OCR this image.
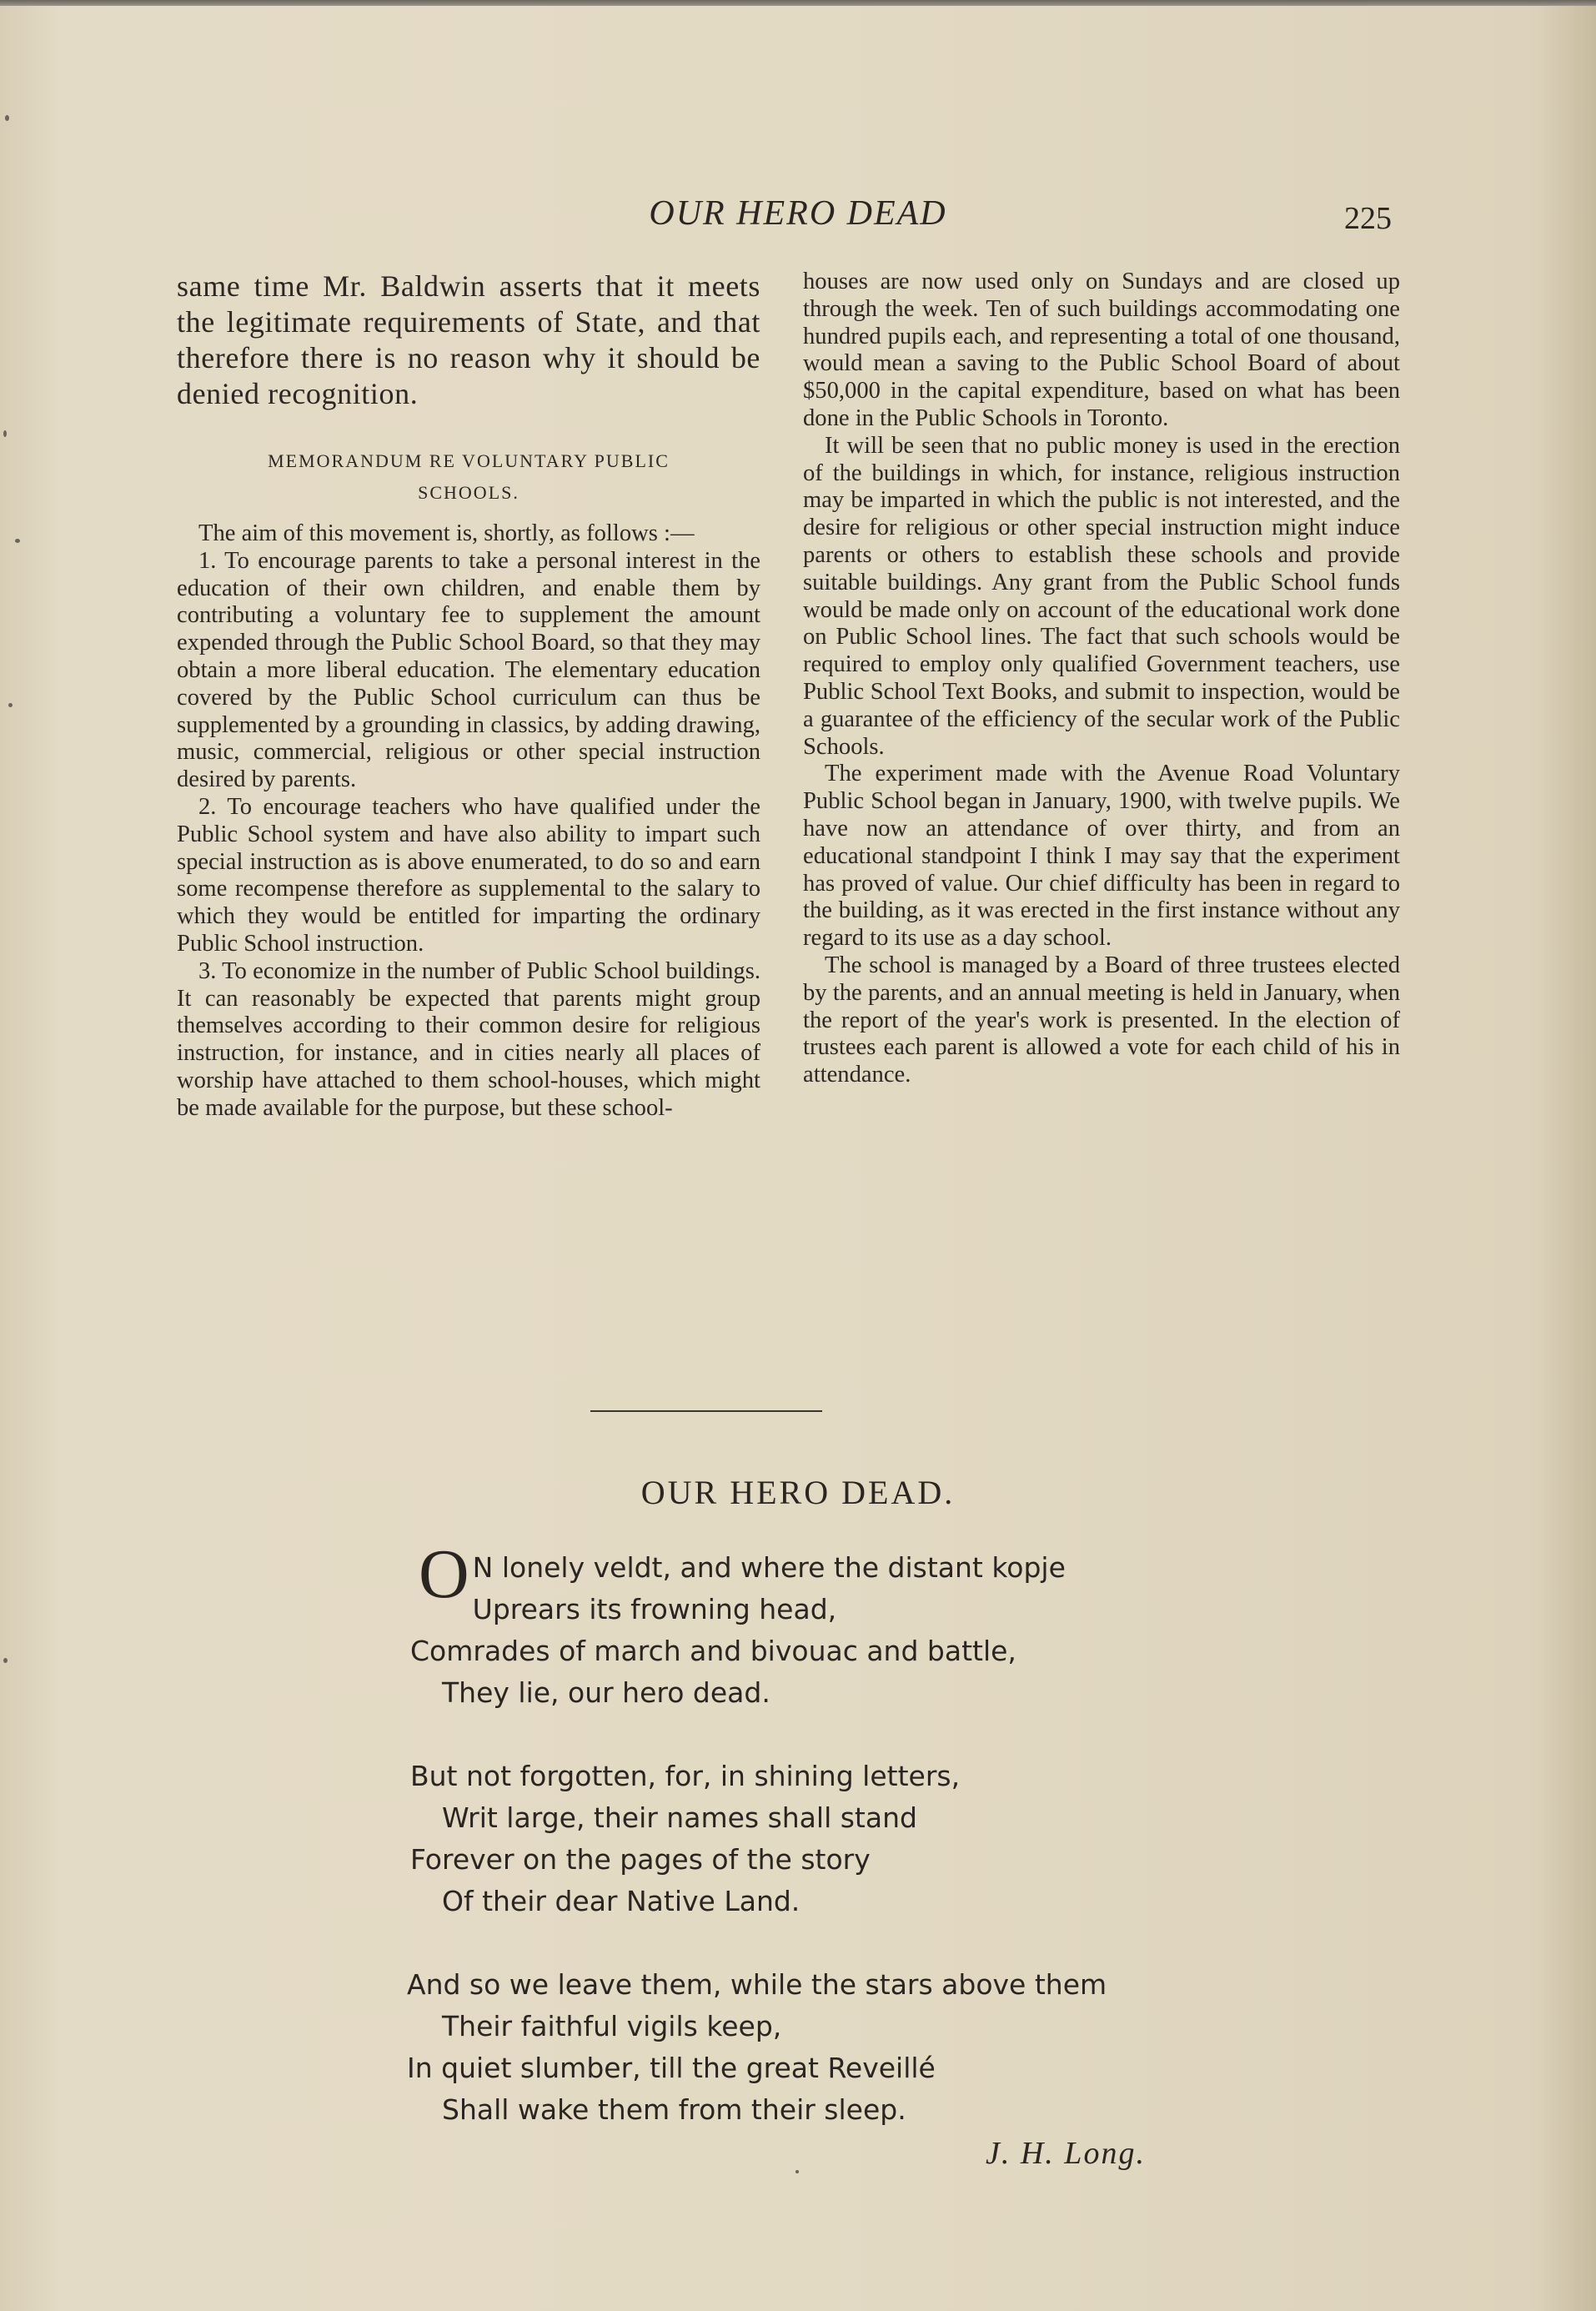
OUR HERO DEAD	225

same time Mr. Baldwin asserts that it meets the legitimate requirements of State, and that therefore there is no reason why it should be denied recognition.

MEMORANDUM RE VOLUNTARY PUBLIC
SCHOOLS.

The aim of this movement is, shortly, as follows :—

1. To encourage parents to take a personal interest in the education of their own children, and enable them by contributing a voluntary fee to supplement the amount expended through the Public School Board, so that they may obtain a more liberal education. The elementary education covered by the Public School curriculum can thus be supplemented by a grounding in classics, by adding drawing, music, commercial, religious or other special instruction desired by parents.

2. To encourage teachers who have qualified under the Public School system and have also ability to impart such special instruction as is above enumerated, to do so and earn some recompense therefore as supplemental to the salary to which they would be entitled for imparting the ordinary Public School instruction.

3. To economize in the number of Public School buildings. It can reasonably be expected that parents might group themselves according to their common desire for religious instruction, for instance, and in cities nearly all places of worship have attached to them school-houses, which might be made available for the purpose, but these school-

houses are now used only on Sundays and are closed up through the week. Ten of such buildings accommodating one hundred pupils each, and representing a total of one thousand, would mean a saving to the Public School Board of about $50,000 in the capital expenditure, based on what has been done in the Public Schools in Toronto.

It will be seen that no public money is used in the erection of the buildings in which, for instance, religious instruction may be imparted in which the public is not interested, and the desire for religious or other special instruction might induce parents or others to establish these schools and provide suitable buildings. Any grant from the Public School funds would be made only on account of the educational work done on Public School lines. The fact that such schools would be required to employ only qualified Government teachers, use Public School Text Books, and submit to inspection, would be a guarantee of the efficiency of the secular work of the Public Schools.

The experiment made with the Avenue Road Voluntary Public School began in January, 1900, with twelve pupils. We have now an attendance of over thirty, and from an educational standpoint I think I may say that the experiment has proved of value. Our chief difficulty has been in regard to the building, as it was erected in the first instance without any regard to its use as a day school.

The school is managed by a Board of three trustees elected by the parents, and an annual meeting is held in January, when the report of the year's work is presented. In the election of trustees each parent is allowed a vote for each child of his in attendance.

OUR HERO DEAD.
O N lonely veldt, and where the distant kopje
Uprears its frowning head,
Comrades of march and bivouac and battle,
They lie, our hero dead.
But not forgotten, for, in shining letters,
Writ large, their names shall stand
Forever on the pages of the story
Of their dear Native Land.
And so we leave them, while the stars above them
Their faithful vigils keep,
In quiet slumber, till the great Reveillé
Shall wake them from their sleep.
J. H. Long.
